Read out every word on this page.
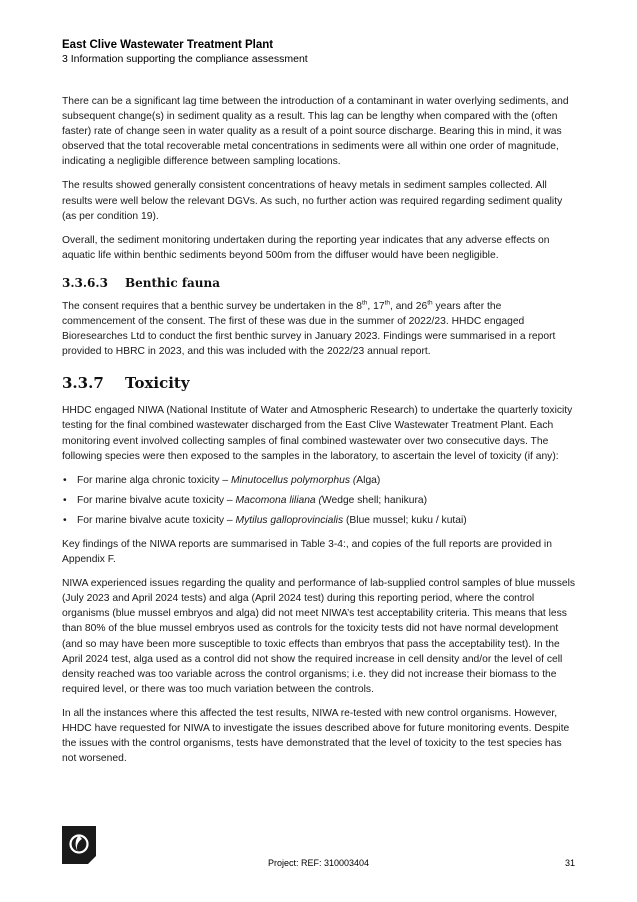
East Clive Wastewater Treatment Plant
3 Information supporting the compliance assessment

There can be a significant lag time between the introduction of a contaminant in water overlying sediments, and subsequent change(s) in sediment quality as a result. This lag can be lengthy when compared with the (often faster) rate of change seen in water quality as a result of a point source discharge. Bearing this in mind, it was observed that the total recoverable metal concentrations in sediments were all within one order of magnitude, indicating a negligible difference between sampling locations.

The results showed generally consistent concentrations of heavy metals in sediment samples collected. All results were well below the relevant DGVs. As such, no further action was required regarding sediment quality (as per condition 19).

Overall, the sediment monitoring undertaken during the reporting year indicates that any adverse effects on aquatic life within benthic sediments beyond 500m from the diffuser would have been negligible.

3.3.6.3 Benthic fauna

The consent requires that a benthic survey be undertaken in the 8th, 17th, and 26th years after the commencement of the consent. The first of these was due in the summer of 2022/23. HHDC engaged Bioresearches Ltd to conduct the first benthic survey in January 2023. Findings were summarised in a report provided to HBRC in 2023, and this was included with the 2022/23 annual report.

3.3.7 Toxicity

HHDC engaged NIWA (National Institute of Water and Atmospheric Research) to undertake the quarterly toxicity testing for the final combined wastewater discharged from the East Clive Wastewater Treatment Plant. Each monitoring event involved collecting samples of final combined wastewater over two consecutive days. The following species were then exposed to the samples in the laboratory, to ascertain the level of toxicity (if any):

• For marine alga chronic toxicity – Minutocellus polymorphus (Alga)
• For marine bivalve acute toxicity – Macomona liliana (Wedge shell; hanikura)
• For marine bivalve acute toxicity – Mytilus galloprovincialis (Blue mussel; kuku / kutai)

Key findings of the NIWA reports are summarised in Table 3-4:, and copies of the full reports are provided in Appendix F.

NIWA experienced issues regarding the quality and performance of lab-supplied control samples of blue mussels (July 2023 and April 2024 tests) and alga (April 2024 test) during this reporting period, where the control organisms (blue mussel embryos and alga) did not meet NIWA’s test acceptability criteria. This means that less than 80% of the blue mussel embryos used as controls for the toxicity tests did not have normal development (and so may have been more susceptible to toxic effects than embryos that pass the acceptability test). In the April 2024 test, alga used as a control did not show the required increase in cell density and/or the level of cell density reached was too variable across the control organisms; i.e. they did not increase their biomass to the required level, or there was too much variation between the controls.

In all the instances where this affected the test results, NIWA re-tested with new control organisms. However, HHDC have requested for NIWA to investigate the issues described above for future monitoring events. Despite the issues with the control organisms, tests have demonstrated that the level of toxicity to the test species has not worsened.

Project: REF: 310003404	31
